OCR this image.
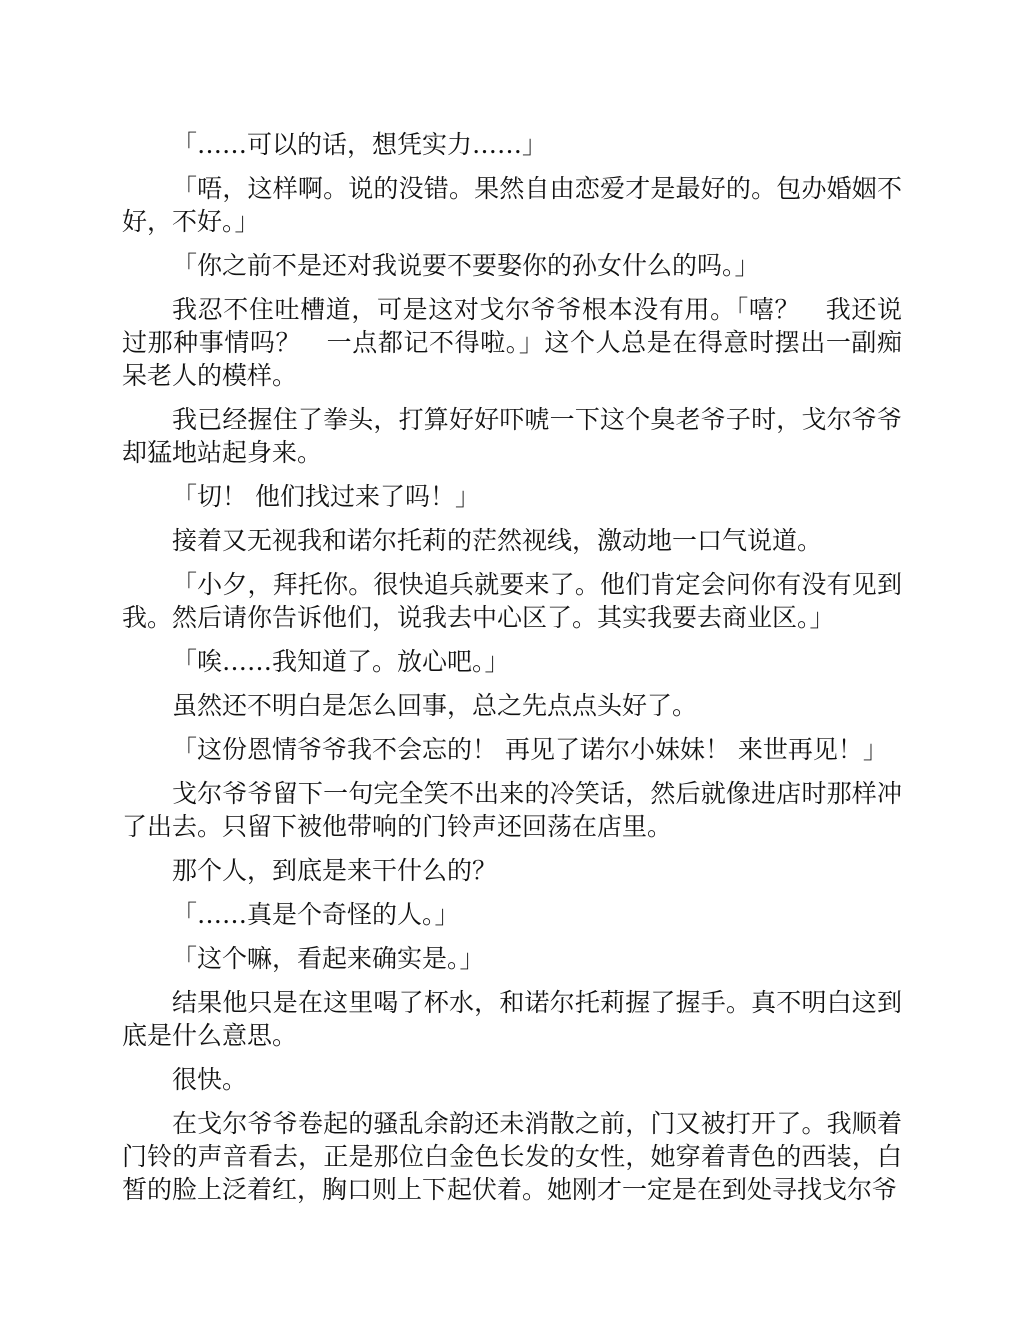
「……可以的话，想凭实力……」

「唔，这样啊。说的没错。果然自由恋爱才是最好的。包办婚姻不好，不好。」

「你之前不是还对我说要不要娶你的孙女什么的吗。」

我忍不住吐槽道，可是这对戈尔爷爷根本没有用。「嘻？　我还说过那种事情吗？　一点都记不得啦。」这个人总是在得意时摆出一副痴呆老人的模样。

我已经握住了拳头，打算好好吓唬一下这个臭老爷子时，戈尔爷爷却猛地站起身来。

「切！ 他们找过来了吗！」

接着又无视我和诺尔托莉的茫然视线，激动地一口气说道。

「小夕，拜托你。很快追兵就要来了。他们肯定会问你有没有见到我。然后请你告诉他们，说我去中心区了。其实我要去商业区。」

「唉……我知道了。放心吧。」

虽然还不明白是怎么回事，总之先点点头好了。

「这份恩情爷爷我不会忘的！ 再见了诺尔小妹妹！ 来世再见！」

戈尔爷爷留下一句完全笑不出来的冷笑话，然后就像进店时那样冲了出去。只留下被他带响的门铃声还回荡在店里。

那个人，到底是来干什么的？

「……真是个奇怪的人。」

「这个嘛，看起来确实是。」

结果他只是在这里喝了杯水，和诺尔托莉握了握手。真不明白这到底是什么意思。

很快。

在戈尔爷爷卷起的骚乱余韵还未消散之前，门又被打开了。我顺着门铃的声音看去，正是那位白金色长发的女性，她穿着青色的西装，白皙的脸上泛着红，胸口则上下起伏着。她刚才一定是在到处寻找戈尔爷
